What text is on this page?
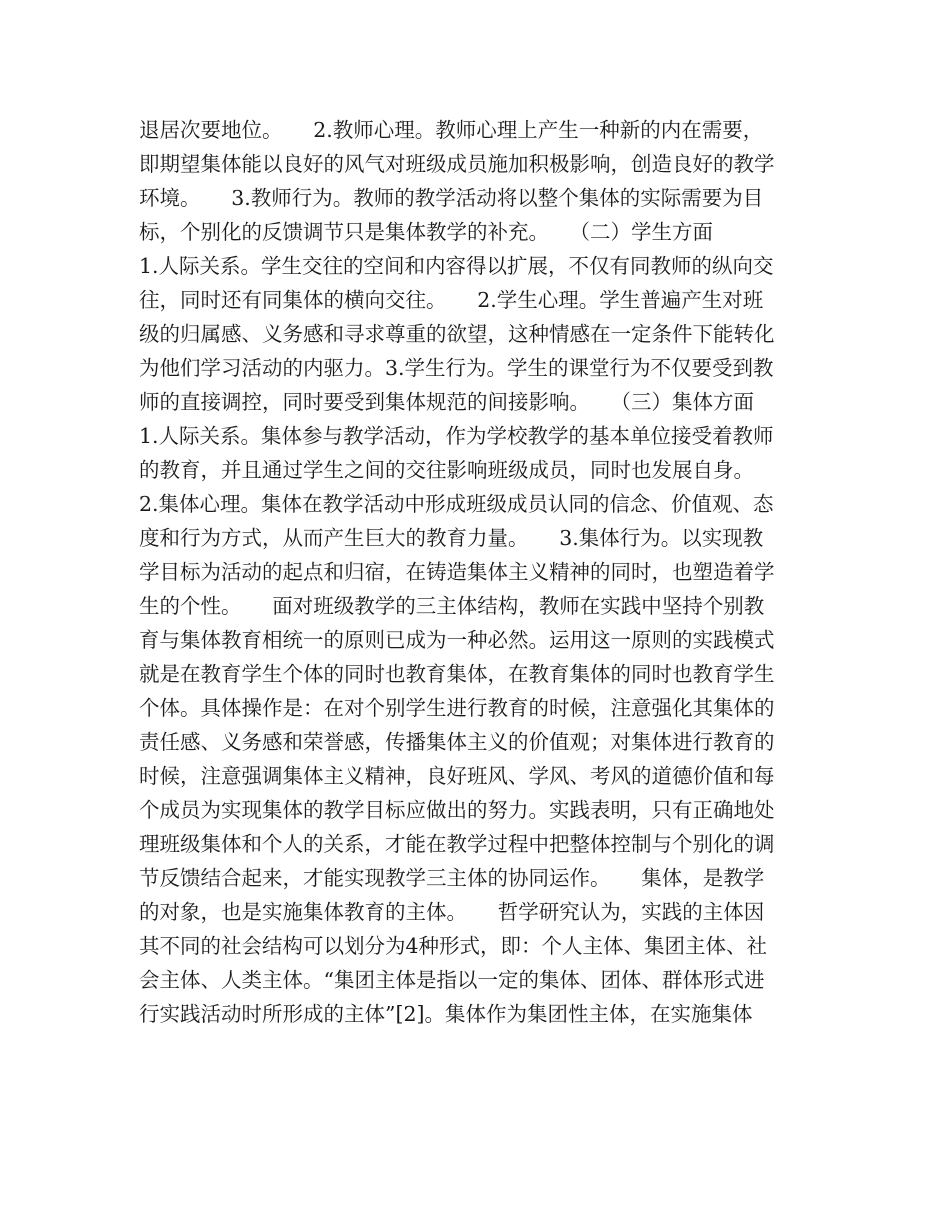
退居次要地位。　　2.教师心理。教师心理上产生一种新的内在需要，
即期望集体能以良好的风气对班级成员施加积极影响，创造良好的教学
环境。　　3.教师行为。教师的教学活动将以整个集体的实际需要为目
标，个别化的反馈调节只是集体教学的补充。　　（二）学生方面
1.人际关系。学生交往的空间和内容得以扩展，不仅有同教师的纵向交
往，同时还有同集体的横向交往。　　2.学生心理。学生普遍产生对班
级的归属感、义务感和寻求尊重的欲望，这种情感在一定条件下能转化
为他们学习活动的内驱力。3.学生行为。学生的课堂行为不仅要受到教
师的直接调控，同时要受到集体规范的间接影响。　　（三）集体方面
1.人际关系。集体参与教学活动，作为学校教学的基本单位接受着教师
的教育，并且通过学生之间的交往影响班级成员，同时也发展自身。
2.集体心理。集体在教学活动中形成班级成员认同的信念、价值观、态
度和行为方式，从而产生巨大的教育力量。　　3.集体行为。以实现教
学目标为活动的起点和归宿，在铸造集体主义精神的同时，也塑造着学
生的个性。　　面对班级教学的三主体结构，教师在实践中坚持个别教
育与集体教育相统一的原则已成为一种必然。运用这一原则的实践模式
就是在教育学生个体的同时也教育集体，在教育集体的同时也教育学生
个体。具体操作是：在对个别学生进行教育的时候，注意强化其集体的
责任感、义务感和荣誉感，传播集体主义的价值观；对集体进行教育的
时候，注意强调集体主义精神，良好班风、学风、考风的道德价值和每
个成员为实现集体的教学目标应做出的努力。实践表明，只有正确地处
理班级集体和个人的关系，才能在教学过程中把整体控制与个别化的调
节反馈结合起来，才能实现教学三主体的协同运作。　　集体，是教学
的对象，也是实施集体教育的主体。　　哲学研究认为，实践的主体因
其不同的社会结构可以划分为4种形式，即：个人主体、集团主体、社
会主体、人类主体。“集团主体是指以一定的集体、团体、群体形式进
行实践活动时所形成的主体”[2]。集体作为集团性主体，在实施集体
